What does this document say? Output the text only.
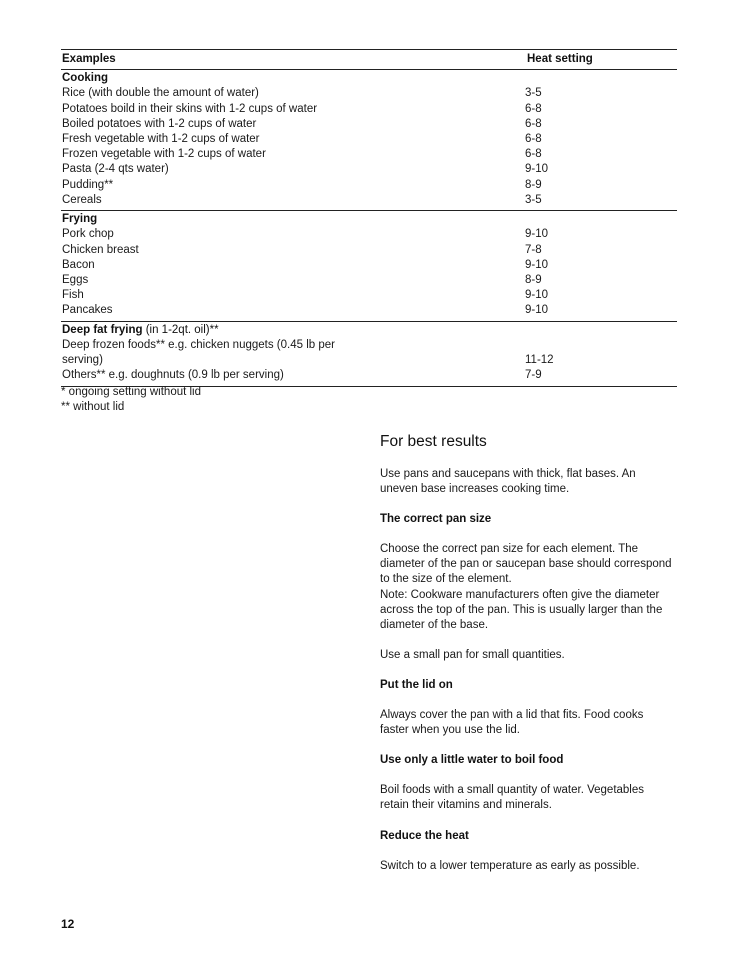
Examples	Heat setting
Cooking
Rice (with double the amount of water)	3-5
Potatoes boild in their skins with 1-2 cups of water	6-8
Boiled potatoes with 1-2 cups of water	6-8
Fresh vegetable with 1-2 cups of water	6-8
Frozen vegetable with 1-2 cups of water	6-8
Pasta (2-4 qts water)	9-10
Pudding**	8-9
Cereals	3-5
Frying
Pork chop	9-10
Chicken breast	7-8
Bacon	9-10
Eggs	8-9
Fish	9-10
Pancakes	9-10
Deep fat frying (in 1-2qt. oil)**
Deep frozen foods** e.g. chicken nuggets (0.45 lb per serving)	11-12
Others** e.g. doughnuts (0.9 lb per serving)	7-9
* ongoing setting without lid
** without lid
For best results

Use pans and saucepans with thick, flat bases. An uneven base increases cooking time.

The correct pan size

Choose the correct pan size for each element. The diameter of the pan or saucepan base should correspond to the size of the element.
Note: Cookware manufacturers often give the diameter across the top of the pan. This is usually larger than the diameter of the base.

Use a small pan for small quantities.

Put the lid on

Always cover the pan with a lid that fits. Food cooks faster when you use the lid.

Use only a little water to boil food

Boil foods with a small quantity of water. Vegetables retain their vitamins and minerals.

Reduce the heat

Switch to a lower temperature as early as possible.

12
